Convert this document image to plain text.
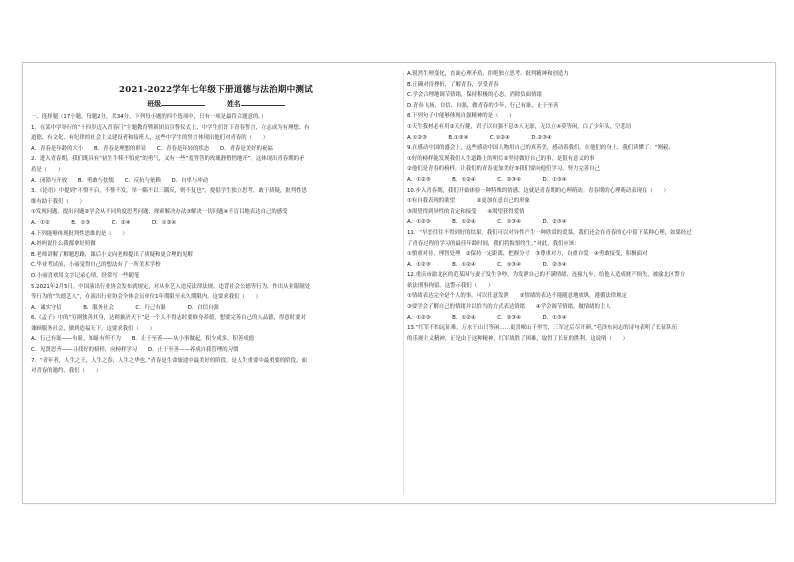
2021-2022学年七年级下册道德与法治期中测试
班级	姓名
一、选择题（17小题，每题2分，共34分，下列每小题的四个选项中，只有一项是最符合题意的。）
1．在某中学举行的“十四岁迈入青春门”主题教育暨新团员宣誓仪式上，中学生们许下青春誓言，立志成为有理想、有
道德、有文化、有纪律的社会主义建设者和接班人，这些中学生的誓言体现出他们对青春的（　　）
A．青春是年龄的大小　　B．青春是理想的彰显　　C．青春是年轻的状态　　D．青春是美好的祝福
2．进入青春期，我们既具有“初生牛犊不怕虎”的勇气，又有一些“羞答答的玫瑰静悄悄地开”。这体现出青春期的矛
盾是（　　）
A．闭锁与开放　　B．勇敢与怯懦　　C．反抗与依赖　　D．自卑与冲动
3．《论语》中提到“不愤不启，不悱不发，举一隅不以三隅反，则不复也”，提倡学生独立思考，敢于质疑，批判性思
维有助于我们（　　）
①发现问题、提出问题②学会从不同角度思考问题，探索解决办法③解决一切问题④不盲目地表达自己的感受
A．①②　　　　B．①③　　　　C．②④　　　　D．①③④
4.下列能够体现批判性思维的是（　　）
A.妈妈说什么我都拿好照做
B.老师讲解了解题思路，课后小文向老师提出了质疑和更合理的见解
C.毕业考试前，小丽觉得自己的想法有了一所美术学校
D.小丽喜欢用文字记录心情，经常写一些随笔
5.2021年2月5日，中国演出行业协会发布就规定，对从业艺人违反法律法规、违背社会公德等行为，作出从业限制处
等行为的“失德艺人”，在演出行业协会全体会员单位1年期限至永久期限内，这要求我们（　　）
A．诚实守信　　　　B．服务社会　　　　C．行己有耻　　　　D．自信自强
6.《孟子》中的“穷则独善其身，达则兼济天下”是一个人不得志时要修身养德，想要完善自己的人品德，得意时要对
兼顾服务社会，做到造福天下。这要求我们（　　）
A．行己有耻——有耻，知耻有所不为　　B．止于至善——从小事做起，积少成多，积善成德
C．见贤思齐——寻找好的榜样，向榜样学习　　D．止于至善——养成自我管理的习惯
7．“青年者，人生之王，人生之春，人生之华也。”青春是生命旅途中最美好的阶段，是人生重要中最重要的阶段。面
对青春的邀约，我们（　　）
A.锐然生理变化，直面心理矛盾，拒绝独立思考、批判精神和创造力
B.正确对待挫折，了解青春，享受青春
C.学会合理地调节情绪，保持积极的心态，消除负面情绪
D.青春飞扬、自信、自强，做青春的少年，行己有耻，止于至善
8.下列句子中能够体现自强精神的是（　　）
①天生我材必有用②天行健，君子以自强不息③人无耻，无以立④莫等闲，白了少年头，空悲切
A.①②③　　　　B.①③④　　　　C.①②④　　　　D.②③④
9.在感动中国的盛会上，这些感动中国人物用自己的真善美，感动着我们。在他们的身上，我们读懂了：“刚毅、
①好的榜样能发现我们人生道路上的明灯②坚持做好自己的事，是很有意义的事
②他们是青春的榜样，让我们的青春更加美好③我们要向他们学习，努力完善自己
A．①②③　　　　B．①②④　　　　C．②③④　　　　D．①③④
10.步入青春期，我们开始体验一种特殊的情感，这就是青春期的心理萌动。青春期的心理萌动表现在（　　）
①有自我表现的欲望　　　　②更加在意自己的形象
③渴望得到异性的肯定和接受　　④渴望获得爱情
A．①②③　　　　B．①②④　　　　C．①③④　　　　D．②③④
11．“早恋往往不得到好的结果，我们可以对异性产生一种欣赏的爱慕，我们还会在青春的心中留下某种心理，如果经过
了青春过程的学习的最佳年龄时间，我们将悔恨终生。”对此，我们应该：
①慎重对待，理智处理　②保持一定距离，把握分寸　③尊重对方，自重自爱　④勇敢接受，积极面对
A．①②③　　　　B．①②④　　　　C．①③④　　　　D．②③④
12.重庆市渝北区的范某因与妻子发生争吵，为发泄自己的不满情绪，连撞九车，给他人造成财产损失，被渝北区警方
依法刑事拘留。这警示我们（　　）
①情绪表达完全是个人的事，可以任意发泄　　②情绪的表达不能随意地放纵，遵循法律规定
③要学会了解自己的情绪并以恰当的方式表达情绪　　④学会调节情绪，做情绪的主人
A．①②③　　　　B．①②④　　　　C．②③④　　　　D．①③④
13.“红军不怕远征难，万水千山只等闲……更喜岷山千里雪，三军过后尽开颜。”毛泽东同志的诗句表明了长征队伍
的乐观主义精神，正是由于这种精神，红军战胜了困难，取得了长征的胜利。这说明（　　）
